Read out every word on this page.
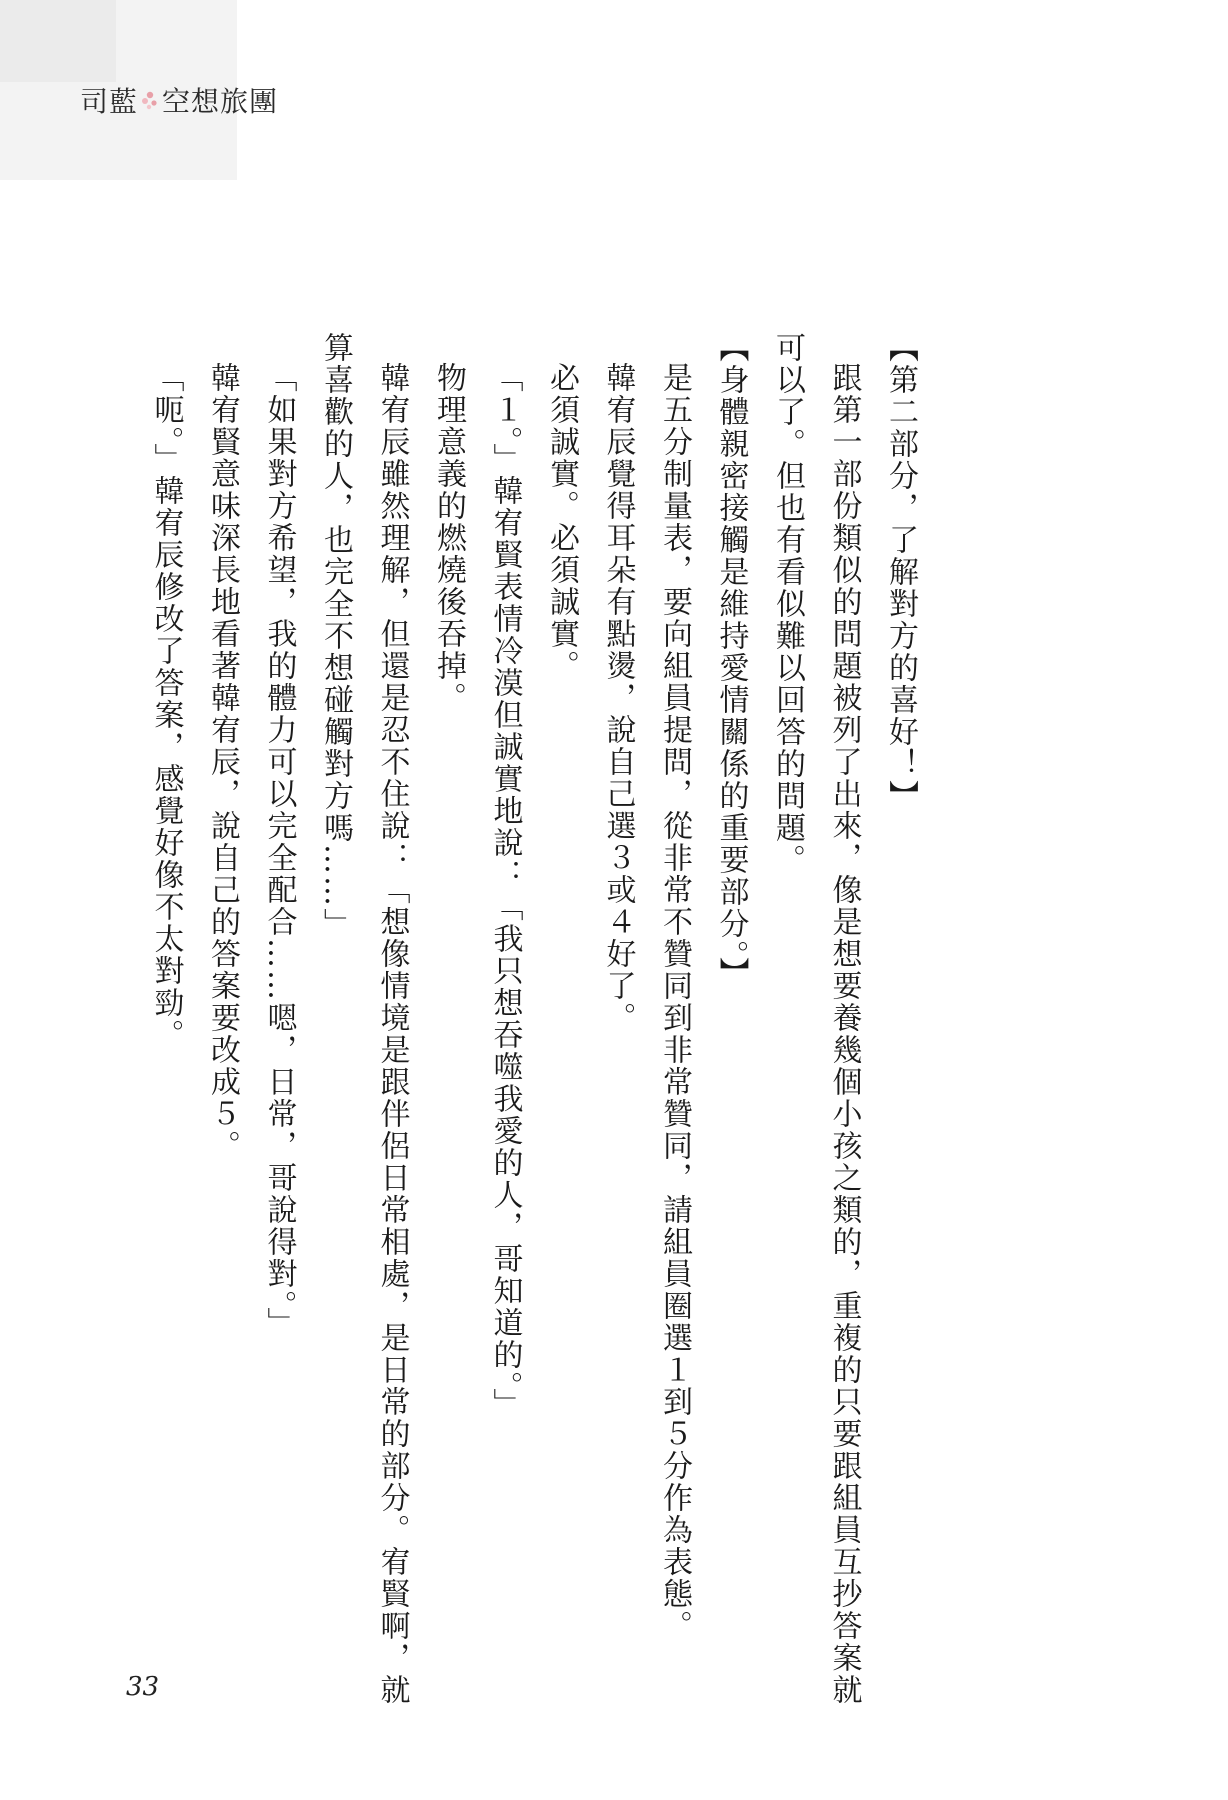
司藍 空想旅團

【第二部分，了解對方的喜好！】

跟第一部份類似的問題被列了出來，像是想要養幾個小孩之類的，重複的只要跟組員互抄答案就可以了。但也有看似難以回答的問題。

【身體親密接觸是維持愛情關係的重要部分。】

是五分制量表，要向組員提問，從非常不贊同到非常贊同，請組員圈選１到５分作為表態。

韓宥辰覺得耳朵有點燙，說自己選３或４好了。

必須誠實。必須誠實。

「１。」韓宥賢表情冷漠但誠實地說：「我只想吞噬我愛的人，哥知道的。」

物理意義的燃燒後吞掉。

韓宥辰雖然理解，但還是忍不住說：「想像情境是跟伴侶日常相處，是日常的部分。宥賢啊，就算喜歡的人，也完全不想碰觸對方嗎……」

「如果對方希望，我的體力可以完全配合……嗯，日常，哥說得對。」

韓宥賢意味深長地看著韓宥辰，說自己的答案要改成５。

「呃。」韓宥辰修改了答案，感覺好像不太對勁。

33
